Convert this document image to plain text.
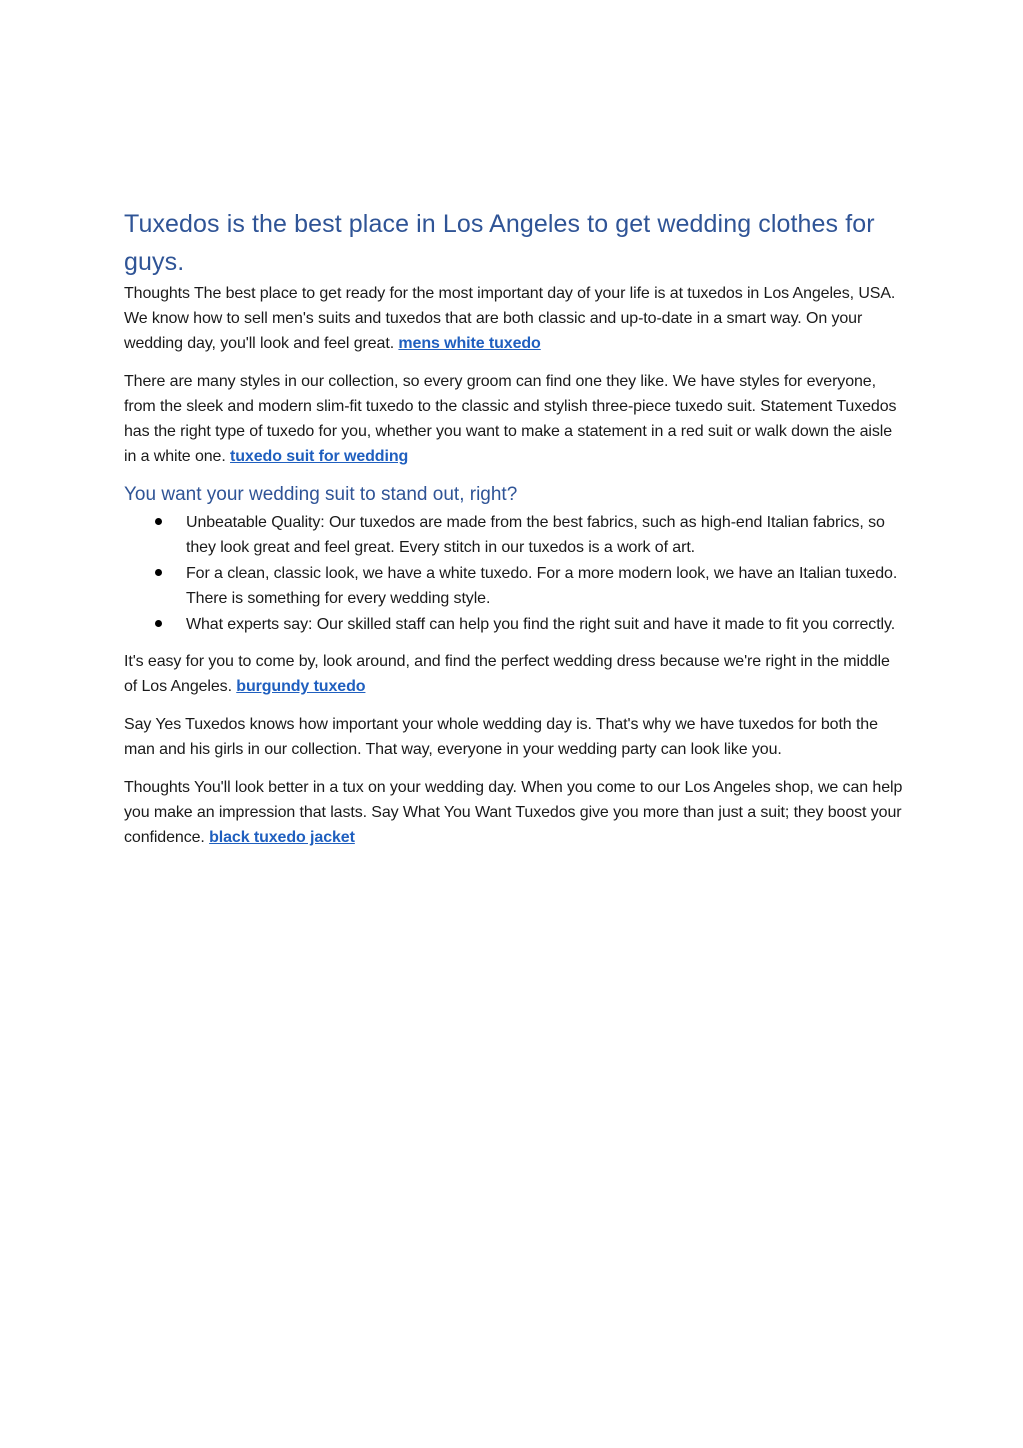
Tuxedos is the best place in Los Angeles to get wedding clothes for guys.

Thoughts The best place to get ready for the most important day of your life is at tuxedos in Los Angeles, USA. We know how to sell men's suits and tuxedos that are both classic and up-to-date in a smart way. On your wedding day, you'll look and feel great. mens white tuxedo

There are many styles in our collection, so every groom can find one they like. We have styles for everyone, from the sleek and modern slim-fit tuxedo to the classic and stylish three-piece tuxedo suit. Statement Tuxedos has the right type of tuxedo for you, whether you want to make a statement in a red suit or walk down the aisle in a white one. tuxedo suit for wedding

You want your wedding suit to stand out, right?
Unbeatable Quality: Our tuxedos are made from the best fabrics, such as high-end Italian fabrics, so they look great and feel great. Every stitch in our tuxedos is a work of art.
For a clean, classic look, we have a white tuxedo. For a more modern look, we have an Italian tuxedo. There is something for every wedding style.
What experts say: Our skilled staff can help you find the right suit and have it made to fit you correctly.

It's easy for you to come by, look around, and find the perfect wedding dress because we're right in the middle of Los Angeles. burgundy tuxedo

Say Yes Tuxedos knows how important your whole wedding day is. That's why we have tuxedos for both the man and his girls in our collection. That way, everyone in your wedding party can look like you.

Thoughts You'll look better in a tux on your wedding day. When you come to our Los Angeles shop, we can help you make an impression that lasts. Say What You Want Tuxedos give you more than just a suit; they boost your confidence. black tuxedo jacket
